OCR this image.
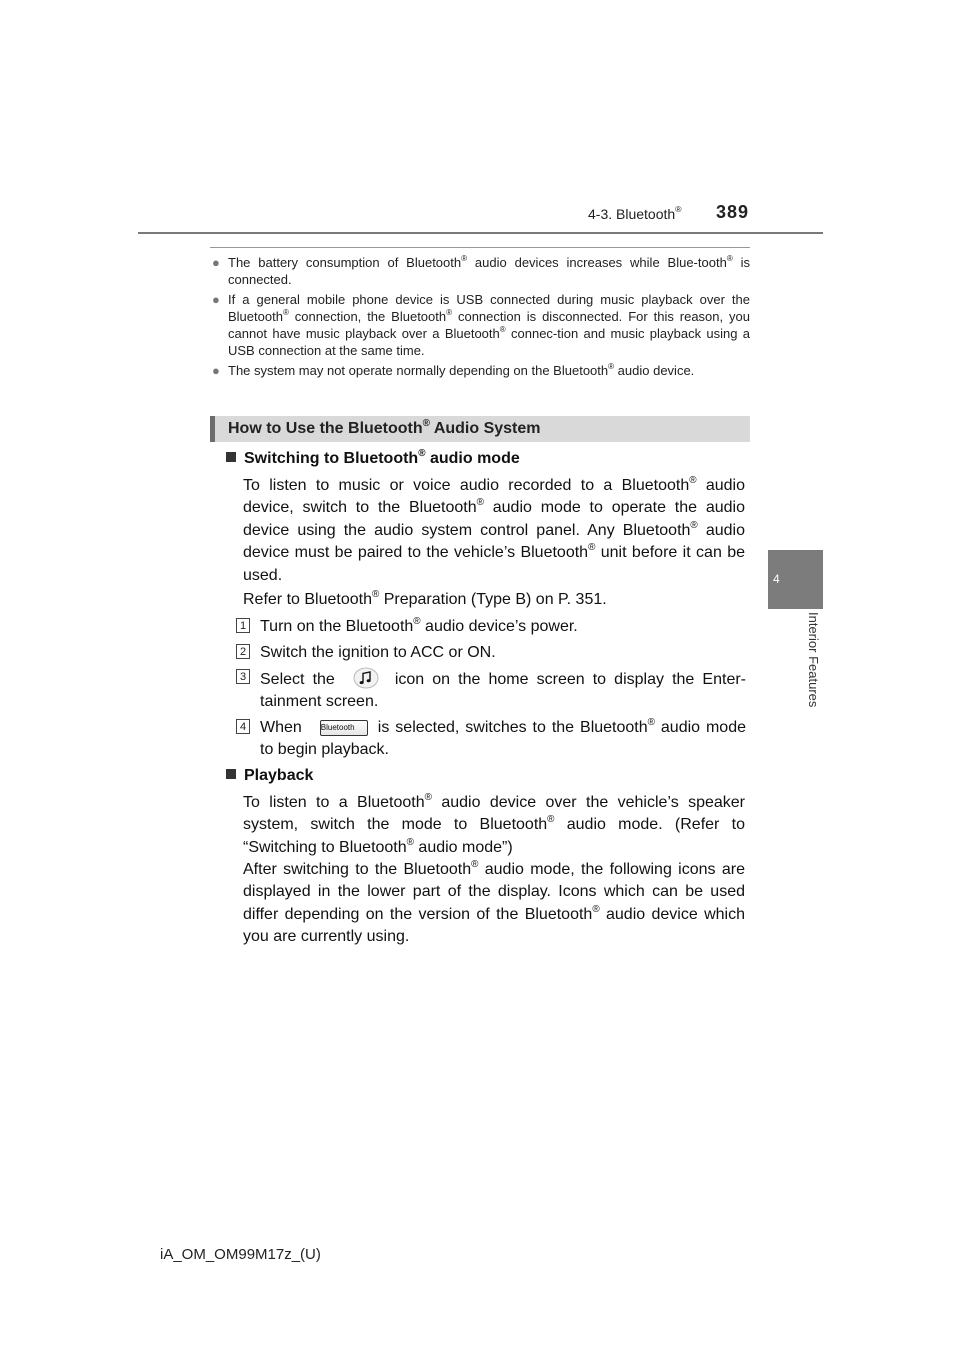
4-3. Bluetooth® 389
4
Interior Features
● The battery consumption of Bluetooth® audio devices increases while Blue-tooth® is connected.
● If a general mobile phone device is USB connected during music playback over the Bluetooth® connection, the Bluetooth® connection is disconnected. For this reason, you cannot have music playback over a Bluetooth® connec-tion and music playback using a USB connection at the same time.
● The system may not operate normally depending on the Bluetooth® audio device.
How to Use the Bluetooth® Audio System
Switching to Bluetooth® audio mode
To listen to music or voice audio recorded to a Bluetooth® audio device, switch to the Bluetooth® audio mode to operate the audio device using the audio system control panel. Any Bluetooth® audio device must be paired to the vehicle’s Bluetooth® unit before it can be used.
Refer to Bluetooth® Preparation (Type B) on P. 351.
1 Turn on the Bluetooth® audio device’s power.
2 Switch the ignition to ACC or ON.
3 Select the	icon on the home screen to display the Enter-tainment screen.
4 When Bluetooth is selected, switches to the Bluetooth® audio mode to begin playback.
Playback
To listen to a Bluetooth® audio device over the vehicle’s speaker system, switch the mode to Bluetooth® audio mode. (Refer to “Switching to Bluetooth® audio mode”)
After switching to the Bluetooth® audio mode, the following icons are displayed in the lower part of the display. Icons which can be used differ depending on the version of the Bluetooth® audio device which you are currently using.
iA_OM_OM99M17z_(U)
